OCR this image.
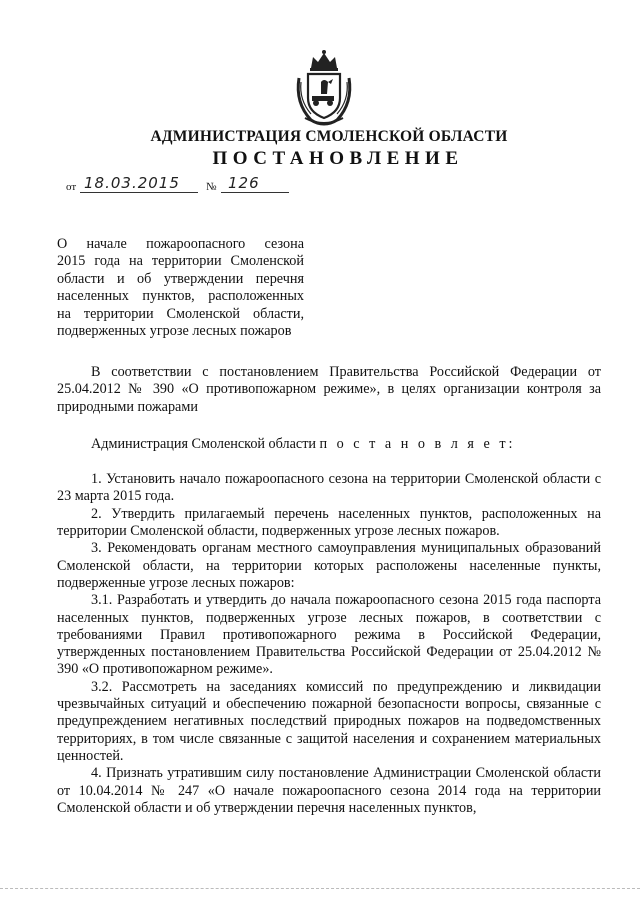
АДМИНИСТРАЦИЯ СМОЛЕНСКОЙ ОБЛАСТИ
ПОСТАНОВЛЕНИЕ
от 18.03.2015 № 126
О начале пожароопасного сезона
2015 года на территории Смоленской
области и об утверждении перечня
населенных пунктов, расположенных
на территории Смоленской области,
подверженных угрозе лесных пожаров

В соответствии с постановлением Правительства Российской Федерации от 25.04.2012 № 390 «О противопожарном режиме», в целях организации контроля за природными пожарами

Администрация Смоленской области п о с т а н о в л я е т:

1. Установить начало пожароопасного сезона на территории Смоленской области с 23 марта 2015 года.

2. Утвердить прилагаемый перечень населенных пунктов, расположенных на территории Смоленской области, подверженных угрозе лесных пожаров.

3. Рекомендовать органам местного самоуправления муниципальных образований Смоленской области, на территории которых расположены населенные пункты, подверженные угрозе лесных пожаров:

3.1. Разработать и утвердить до начала пожароопасного сезона 2015 года паспорта населенных пунктов, подверженных угрозе лесных пожаров, в соответствии с требованиями Правил противопожарного режима в Российской Федерации, утвержденных постановлением Правительства Российской Федерации от 25.04.2012 № 390 «О противопожарном режиме».

3.2. Рассмотреть на заседаниях комиссий по предупреждению и ликвидации чрезвычайных ситуаций и обеспечению пожарной безопасности вопросы, связанные с предупреждением негативных последствий природных пожаров на подведомственных территориях, в том числе связанные с защитой населения и сохранением материальных ценностей.

4. Признать утратившим силу постановление Администрации Смоленской области от 10.04.2014 № 247 «О начале пожароопасного сезона 2014 года на территории Смоленской области и об утверждении перечня населенных пунктов,
